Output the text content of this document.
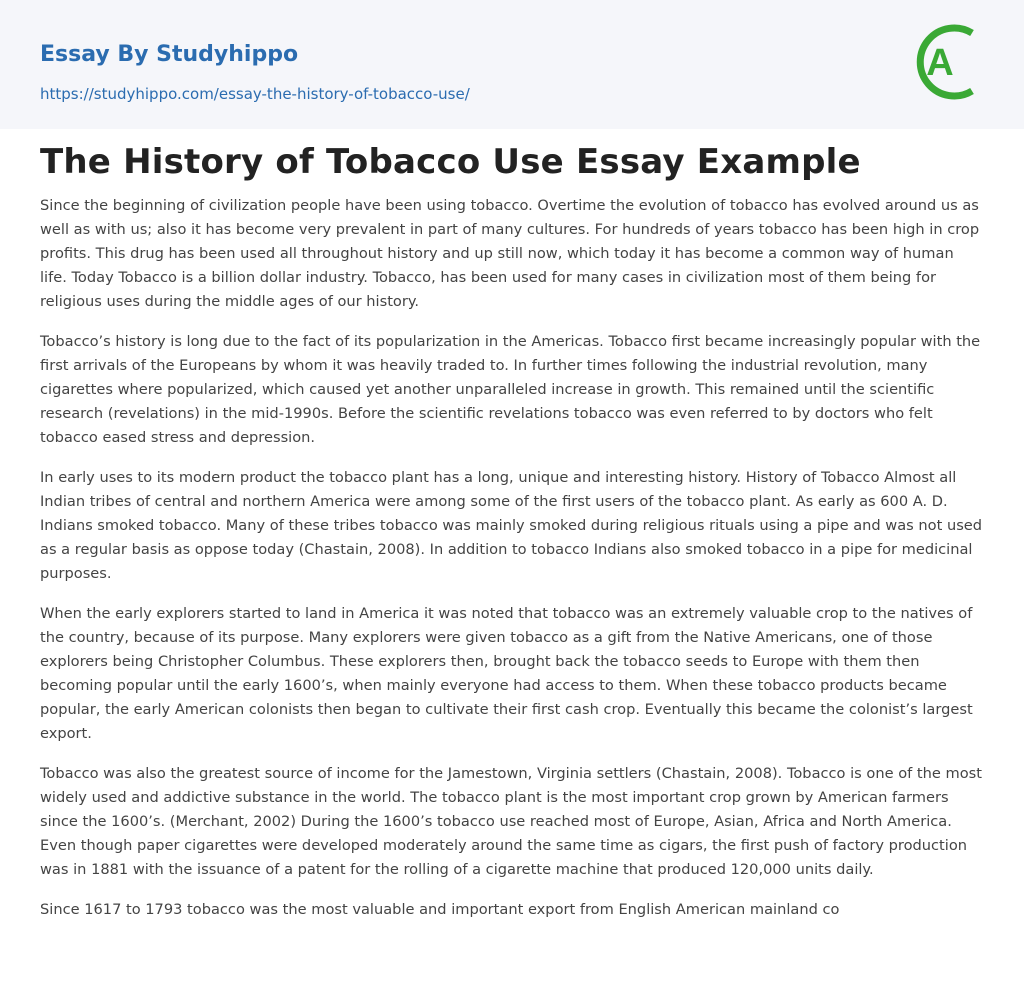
Essay By Studyhippo
https://studyhippo.com/essay-the-history-of-tobacco-use/
A
The History of Tobacco Use Essay Example

Since the beginning of civilization people have been using tobacco. Overtime the evolution of tobacco has evolved around us as well as with us; also it has become very prevalent in part of many cultures. For hundreds of years tobacco has been high in crop profits. This drug has been used all throughout history and up still now, which today it has become a common way of human life. Today Tobacco is a billion dollar industry. Tobacco, has been used for many cases in civilization most of them being for religious uses during the middle ages of our history.

Tobacco’s history is long due to the fact of its popularization in the Americas. Tobacco first became increasingly popular with the first arrivals of the Europeans by whom it was heavily traded to. In further times following the industrial revolution, many cigarettes where popularized, which caused yet another unparalleled increase in growth. This remained until the scientific research (revelations) in the mid-1990s. Before the scientific revelations tobacco was even referred to by doctors who felt tobacco eased stress and depression.

In early uses to its modern product the tobacco plant has a long, unique and interesting history. History of Tobacco Almost all Indian tribes of central and northern America were among some of the first users of the tobacco plant. As early as 600 A. D. Indians smoked tobacco. Many of these tribes tobacco was mainly smoked during religious rituals using a pipe and was not used as a regular basis as oppose today (Chastain, 2008). In addition to tobacco Indians also smoked tobacco in a pipe for medicinal purposes.

When the early explorers started to land in America it was noted that tobacco was an extremely valuable crop to the natives of the country, because of its purpose. Many explorers were given tobacco as a gift from the Native Americans, one of those explorers being Christopher Columbus. These explorers then, brought back the tobacco seeds to Europe with them then becoming popular until the early 1600’s, when mainly everyone had access to them. When these tobacco products became popular, the early American colonists then began to cultivate their first cash crop. Eventually this became the colonist’s largest export.

Tobacco was also the greatest source of income for the Jamestown, Virginia settlers (Chastain, 2008). Tobacco is one of the most widely used and addictive substance in the world. The tobacco plant is the most important crop grown by American farmers since the 1600’s. (Merchant, 2002) During the 1600’s tobacco use reached most of Europe, Asian, Africa and North America. Even though paper cigarettes were developed moderately around the same time as cigars, the first push of factory production was in 1881 with the issuance of a patent for the rolling of a cigarette machine that produced 120,000 units daily.

Since 1617 to 1793 tobacco was the most valuable and important export from English American mainland co
